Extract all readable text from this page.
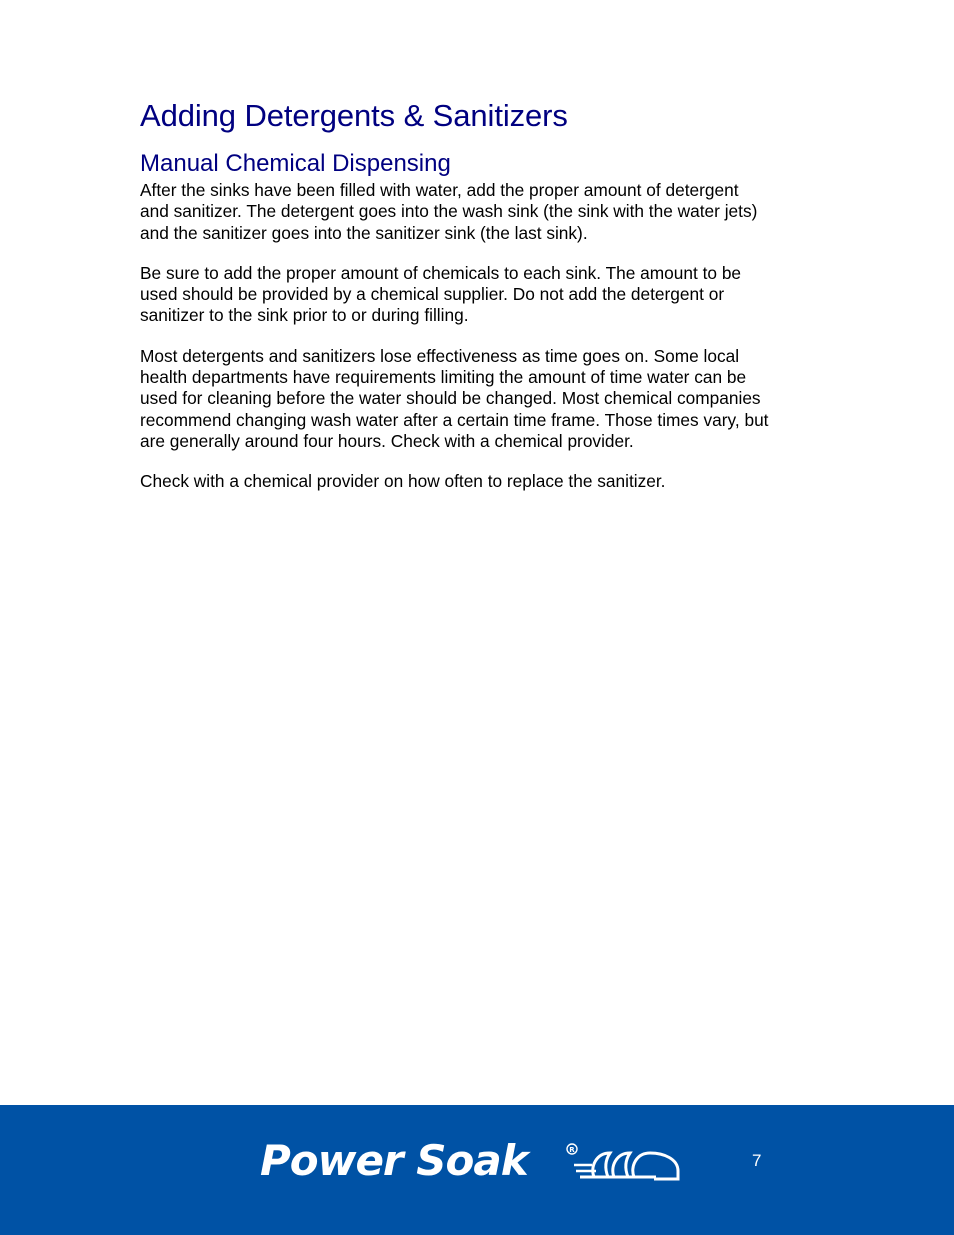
Adding Detergents & Sanitizers
Manual Chemical Dispensing

After the sinks have been filled with water, add the proper amount of detergent and sanitizer. The detergent goes into the wash sink (the sink with the water jets) and the sanitizer goes into the sanitizer sink (the last sink).

Be sure to add the proper amount of chemicals to each sink. The amount to be used should be provided by a chemical supplier. Do not add the detergent or sanitizer to the sink prior to or during filling.

Most detergents and sanitizers lose effectiveness as time goes on. Some local health departments have requirements limiting the amount of time water can be used for cleaning before the water should be changed. Most chemical companies recommend changing wash water after a certain time frame. Those times vary, but are generally around four hours. Check with a chemical provider.

Check with a chemical provider on how often to replace the sanitizer.

Power Soak	R
7
